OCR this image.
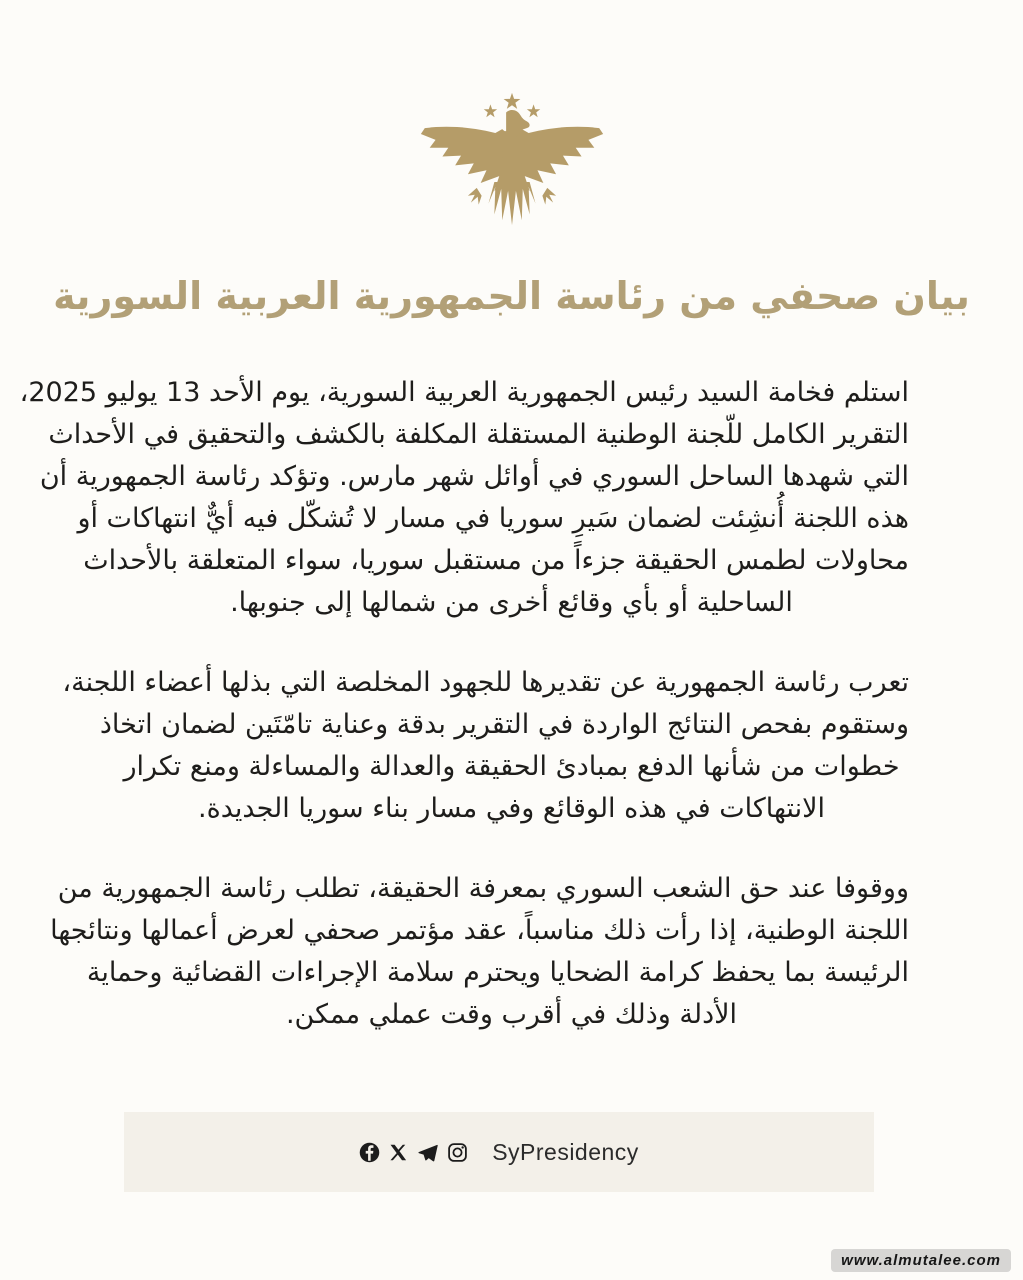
بيان صحفي من رئاسة الجمهورية العربية السورية
استلم فخامة السيد رئيس الجمهورية العربية السورية، يوم الأحد 13 يوليو 2025،
التقرير الكامل للّجنة الوطنية المستقلة المكلفة بالكشف والتحقيق في الأحداث
التي شهدها الساحل السوري في أوائل شهر مارس. وتؤكد رئاسة الجمهورية أن
هذه اللجنة أُنشِئت لضمان سَيرِ سوريا في مسار لا تُشكّل فيه أيٌّ انتهاكات أو
محاولات لطمس الحقيقة جزءاً من مستقبل سوريا، سواء المتعلقة بالأحداث
الساحلية أو بأي وقائع أخرى من شمالها إلى جنوبها.
تعرب رئاسة الجمهورية عن تقديرها للجهود المخلصة التي بذلها أعضاء اللجنة،
وستقوم بفحص النتائج الواردة في التقرير بدقة وعناية تامّتَين لضمان اتخاذ
خطوات من شأنها الدفع بمبادئ الحقيقة والعدالة والمساءلة ومنع تكرار
الانتهاكات في هذه الوقائع وفي مسار بناء سوريا الجديدة.
ووقوفا عند حق الشعب السوري بمعرفة الحقيقة، تطلب رئاسة الجمهورية من
اللجنة الوطنية، إذا رأت ذلك مناسباً، عقد مؤتمر صحفي لعرض أعمالها ونتائجها
الرئيسة بما يحفظ كرامة الضحايا ويحترم سلامة الإجراءات القضائية وحماية
الأدلة وذلك في أقرب وقت عملي ممكن.
SyPresidency
www.almutalee.com
